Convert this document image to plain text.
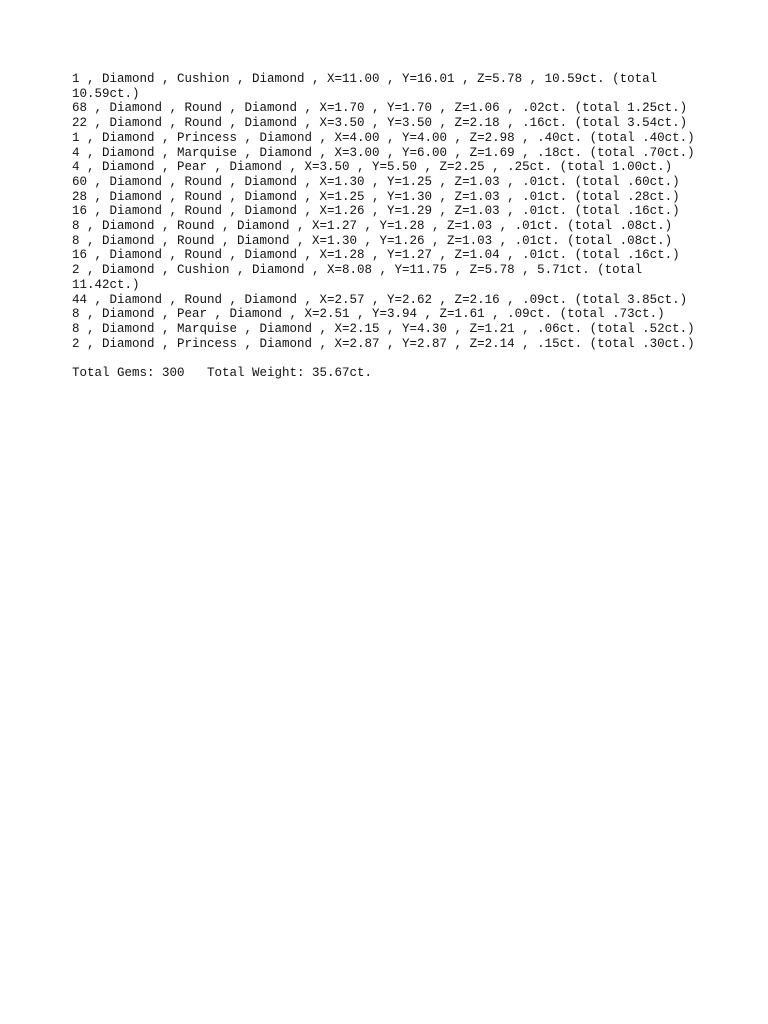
1 , Diamond , Cushion , Diamond , X=11.00 , Y=16.01 , Z=5.78 , 10.59ct. (total
10.59ct.)
68 , Diamond , Round , Diamond , X=1.70 , Y=1.70 , Z=1.06 , .02ct. (total 1.25ct.)
22 , Diamond , Round , Diamond , X=3.50 , Y=3.50 , Z=2.18 , .16ct. (total 3.54ct.)
1 , Diamond , Princess , Diamond , X=4.00 , Y=4.00 , Z=2.98 , .40ct. (total .40ct.)
4 , Diamond , Marquise , Diamond , X=3.00 , Y=6.00 , Z=1.69 , .18ct. (total .70ct.)
4 , Diamond , Pear , Diamond , X=3.50 , Y=5.50 , Z=2.25 , .25ct. (total 1.00ct.)
60 , Diamond , Round , Diamond , X=1.30 , Y=1.25 , Z=1.03 , .01ct. (total .60ct.)
28 , Diamond , Round , Diamond , X=1.25 , Y=1.30 , Z=1.03 , .01ct. (total .28ct.)
16 , Diamond , Round , Diamond , X=1.26 , Y=1.29 , Z=1.03 , .01ct. (total .16ct.)
8 , Diamond , Round , Diamond , X=1.27 , Y=1.28 , Z=1.03 , .01ct. (total .08ct.)
8 , Diamond , Round , Diamond , X=1.30 , Y=1.26 , Z=1.03 , .01ct. (total .08ct.)
16 , Diamond , Round , Diamond , X=1.28 , Y=1.27 , Z=1.04 , .01ct. (total .16ct.)
2 , Diamond , Cushion , Diamond , X=8.08 , Y=11.75 , Z=5.78 , 5.71ct. (total
11.42ct.)
44 , Diamond , Round , Diamond , X=2.57 , Y=2.62 , Z=2.16 , .09ct. (total 3.85ct.)
8 , Diamond , Pear , Diamond , X=2.51 , Y=3.94 , Z=1.61 , .09ct. (total .73ct.)
8 , Diamond , Marquise , Diamond , X=2.15 , Y=4.30 , Z=1.21 , .06ct. (total .52ct.)
2 , Diamond , Princess , Diamond , X=2.87 , Y=2.87 , Z=2.14 , .15ct. (total .30ct.)
Total Gems: 300   Total Weight: 35.67ct.
